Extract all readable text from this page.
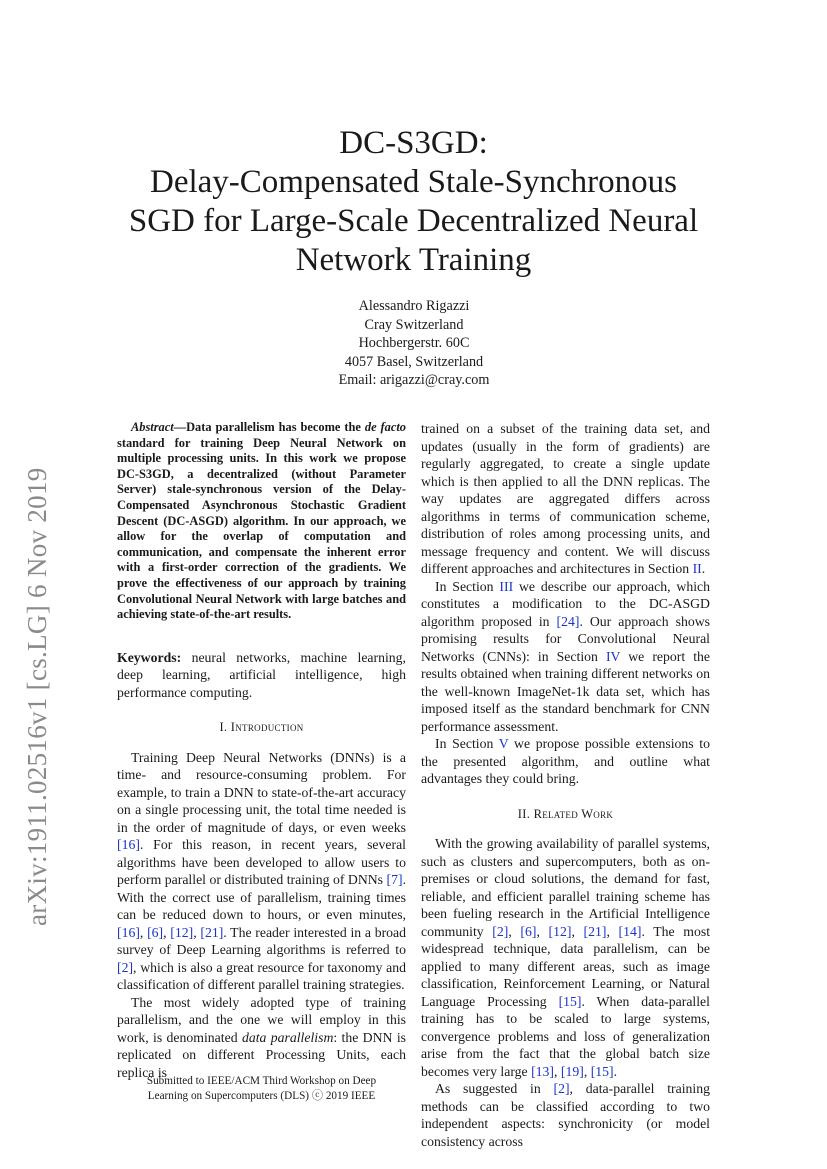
arXiv:1911.02516v1 [cs.LG] 6 Nov 2019
DC-S3GD:
Delay-Compensated Stale-Synchronous
SGD for Large-Scale Decentralized Neural
Network Training
Alessandro Rigazzi
Cray Switzerland
Hochbergerstr. 60C
4057 Basel, Switzerland
Email: arigazzi@cray.com

Abstract—Data parallelism has become the de facto standard for training Deep Neural Network on multiple processing units. In this work we propose DC-S3GD, a decentralized (without Parameter Server) stale-synchronous version of the Delay-Compensated Asynchronous Stochastic Gradient Descent (DC-ASGD) algorithm. In our approach, we allow for the overlap of computation and communication, and compensate the inherent error with a first-order correction of the gradients. We prove the effectiveness of our approach by training Convolutional Neural Network with large batches and achieving state-of-the-art results.

Keywords: neural networks, machine learning, deep learning, artificial intelligence, high performance computing.

I. Introduction

Training Deep Neural Networks (DNNs) is a time- and resource-consuming problem. For example, to train a DNN to state-of-the-art accuracy on a single processing unit, the total time needed is in the order of magnitude of days, or even weeks [16]. For this reason, in recent years, several algorithms have been developed to allow users to perform parallel or distributed training of DNNs [7]. With the correct use of parallelism, training times can be reduced down to hours, or even minutes, [16], [6], [12], [21]. The reader interested in a broad survey of Deep Learning algorithms is referred to [2], which is also a great resource for taxonomy and classification of different parallel training strategies.

The most widely adopted type of training parallelism, and the one we will employ in this work, is denominated data parallelism: the DNN is replicated on different Processing Units, each replica is

trained on a subset of the training data set, and updates (usually in the form of gradients) are regularly aggregated, to create a single update which is then applied to all the DNN replicas. The way updates are aggregated differs across algorithms in terms of communication scheme, distribution of roles among processing units, and message frequency and content. We will discuss different approaches and architectures in Section II.

In Section III we describe our approach, which constitutes a modification to the DC-ASGD algorithm proposed in [24]. Our approach shows promising results for Convolutional Neural Networks (CNNs): in Section IV we report the results obtained when training different networks on the well-known ImageNet-1k data set, which has imposed itself as the standard benchmark for CNN performance assessment.

In Section V we propose possible extensions to the presented algorithm, and outline what advantages they could bring.

II. Related Work

With the growing availability of parallel systems, such as clusters and supercomputers, both as on-premises or cloud solutions, the demand for fast, reliable, and efficient parallel training scheme has been fueling research in the Artificial Intelligence community [2], [6], [12], [21], [14]. The most widespread technique, data parallelism, can be applied to many different areas, such as image classification, Reinforcement Learning, or Natural Language Processing [15]. When data-parallel training has to be scaled to large systems, convergence problems and loss of generalization arise from the fact that the global batch size becomes very large [13], [19], [15].

As suggested in [2], data-parallel training methods can be classified according to two independent aspects: synchronicity (or model consistency across

Submitted to IEEE/ACM Third Workshop on Deep
Learning on Supercomputers (DLS) ⓒ 2019 IEEE
